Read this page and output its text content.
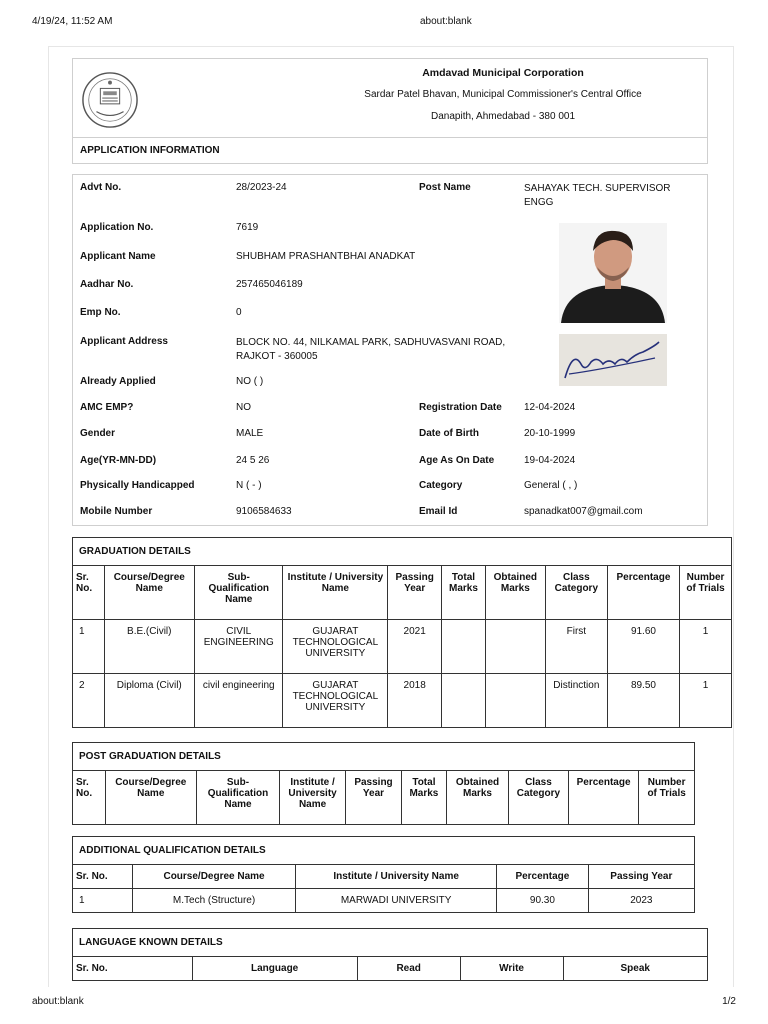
4/19/24, 11:52 AM	about:blank
Amdavad Municipal Corporation
Sardar Patel Bhavan, Municipal Commissioner's Central Office
Danapith, Ahmedabad - 380 001
APPLICATION INFORMATION
Advt No.	28/2023-24	Post Name	SAHAYAK TECH. SUPERVISOR ENGG
Application No.	7619
Applicant Name	SHUBHAM PRASHANTBHAI ANADKAT
Aadhar No.	257465046189
Emp No.	0
Applicant Address	BLOCK NO. 44, NILKAMAL PARK, SADHUVASVANI ROAD, RAJKOT - 360005
Already Applied	NO ( )
AMC EMP?	NO	Registration Date 12-04-2024
Gender	MALE	Date of Birth	20-10-1999
Age(YR-MN-DD)	24 5 26	Age As On Date	19-04-2024
Physically Handicapped	N ( - )	Category	General ( , )
Mobile Number	9106584633	Email Id	spanadkat007@gmail.com
GRADUATION DETAILS									
Sr. No.	Course/Degree Name	Sub-Qualification Name	Institute / University Name	Passing Year	Total Marks	Obtained Marks	Class Category	Percentage	Number of Trials
1	B.E.(Civil)	CIVIL ENGINEERING	GUJARAT TECHNOLOGICAL UNIVERSITY	2021			First	91.60	1
2	Diploma (Civil)	civil engineering	GUJARAT TECHNOLOGICAL UNIVERSITY	2018			Distinction	89.50	1
POST GRADUATION DETAILS
Sr. No.	Course/Degree Name	Sub-Qualification Name	Institute / University Name	Passing Year	Total Marks	Obtained Marks	Class Category	Percentage	Number of Trials
ADDITIONAL QUALIFICATION DETAILS				
Sr. No.	Course/Degree Name	Institute / University Name	Percentage	Passing Year
1	M.Tech (Structure)	MARWADI UNIVERSITY	90.30	2023
LANGUAGE KNOWN DETAILS
Sr. No.	Language	Read	Write	Speak
about:blank	1/2
